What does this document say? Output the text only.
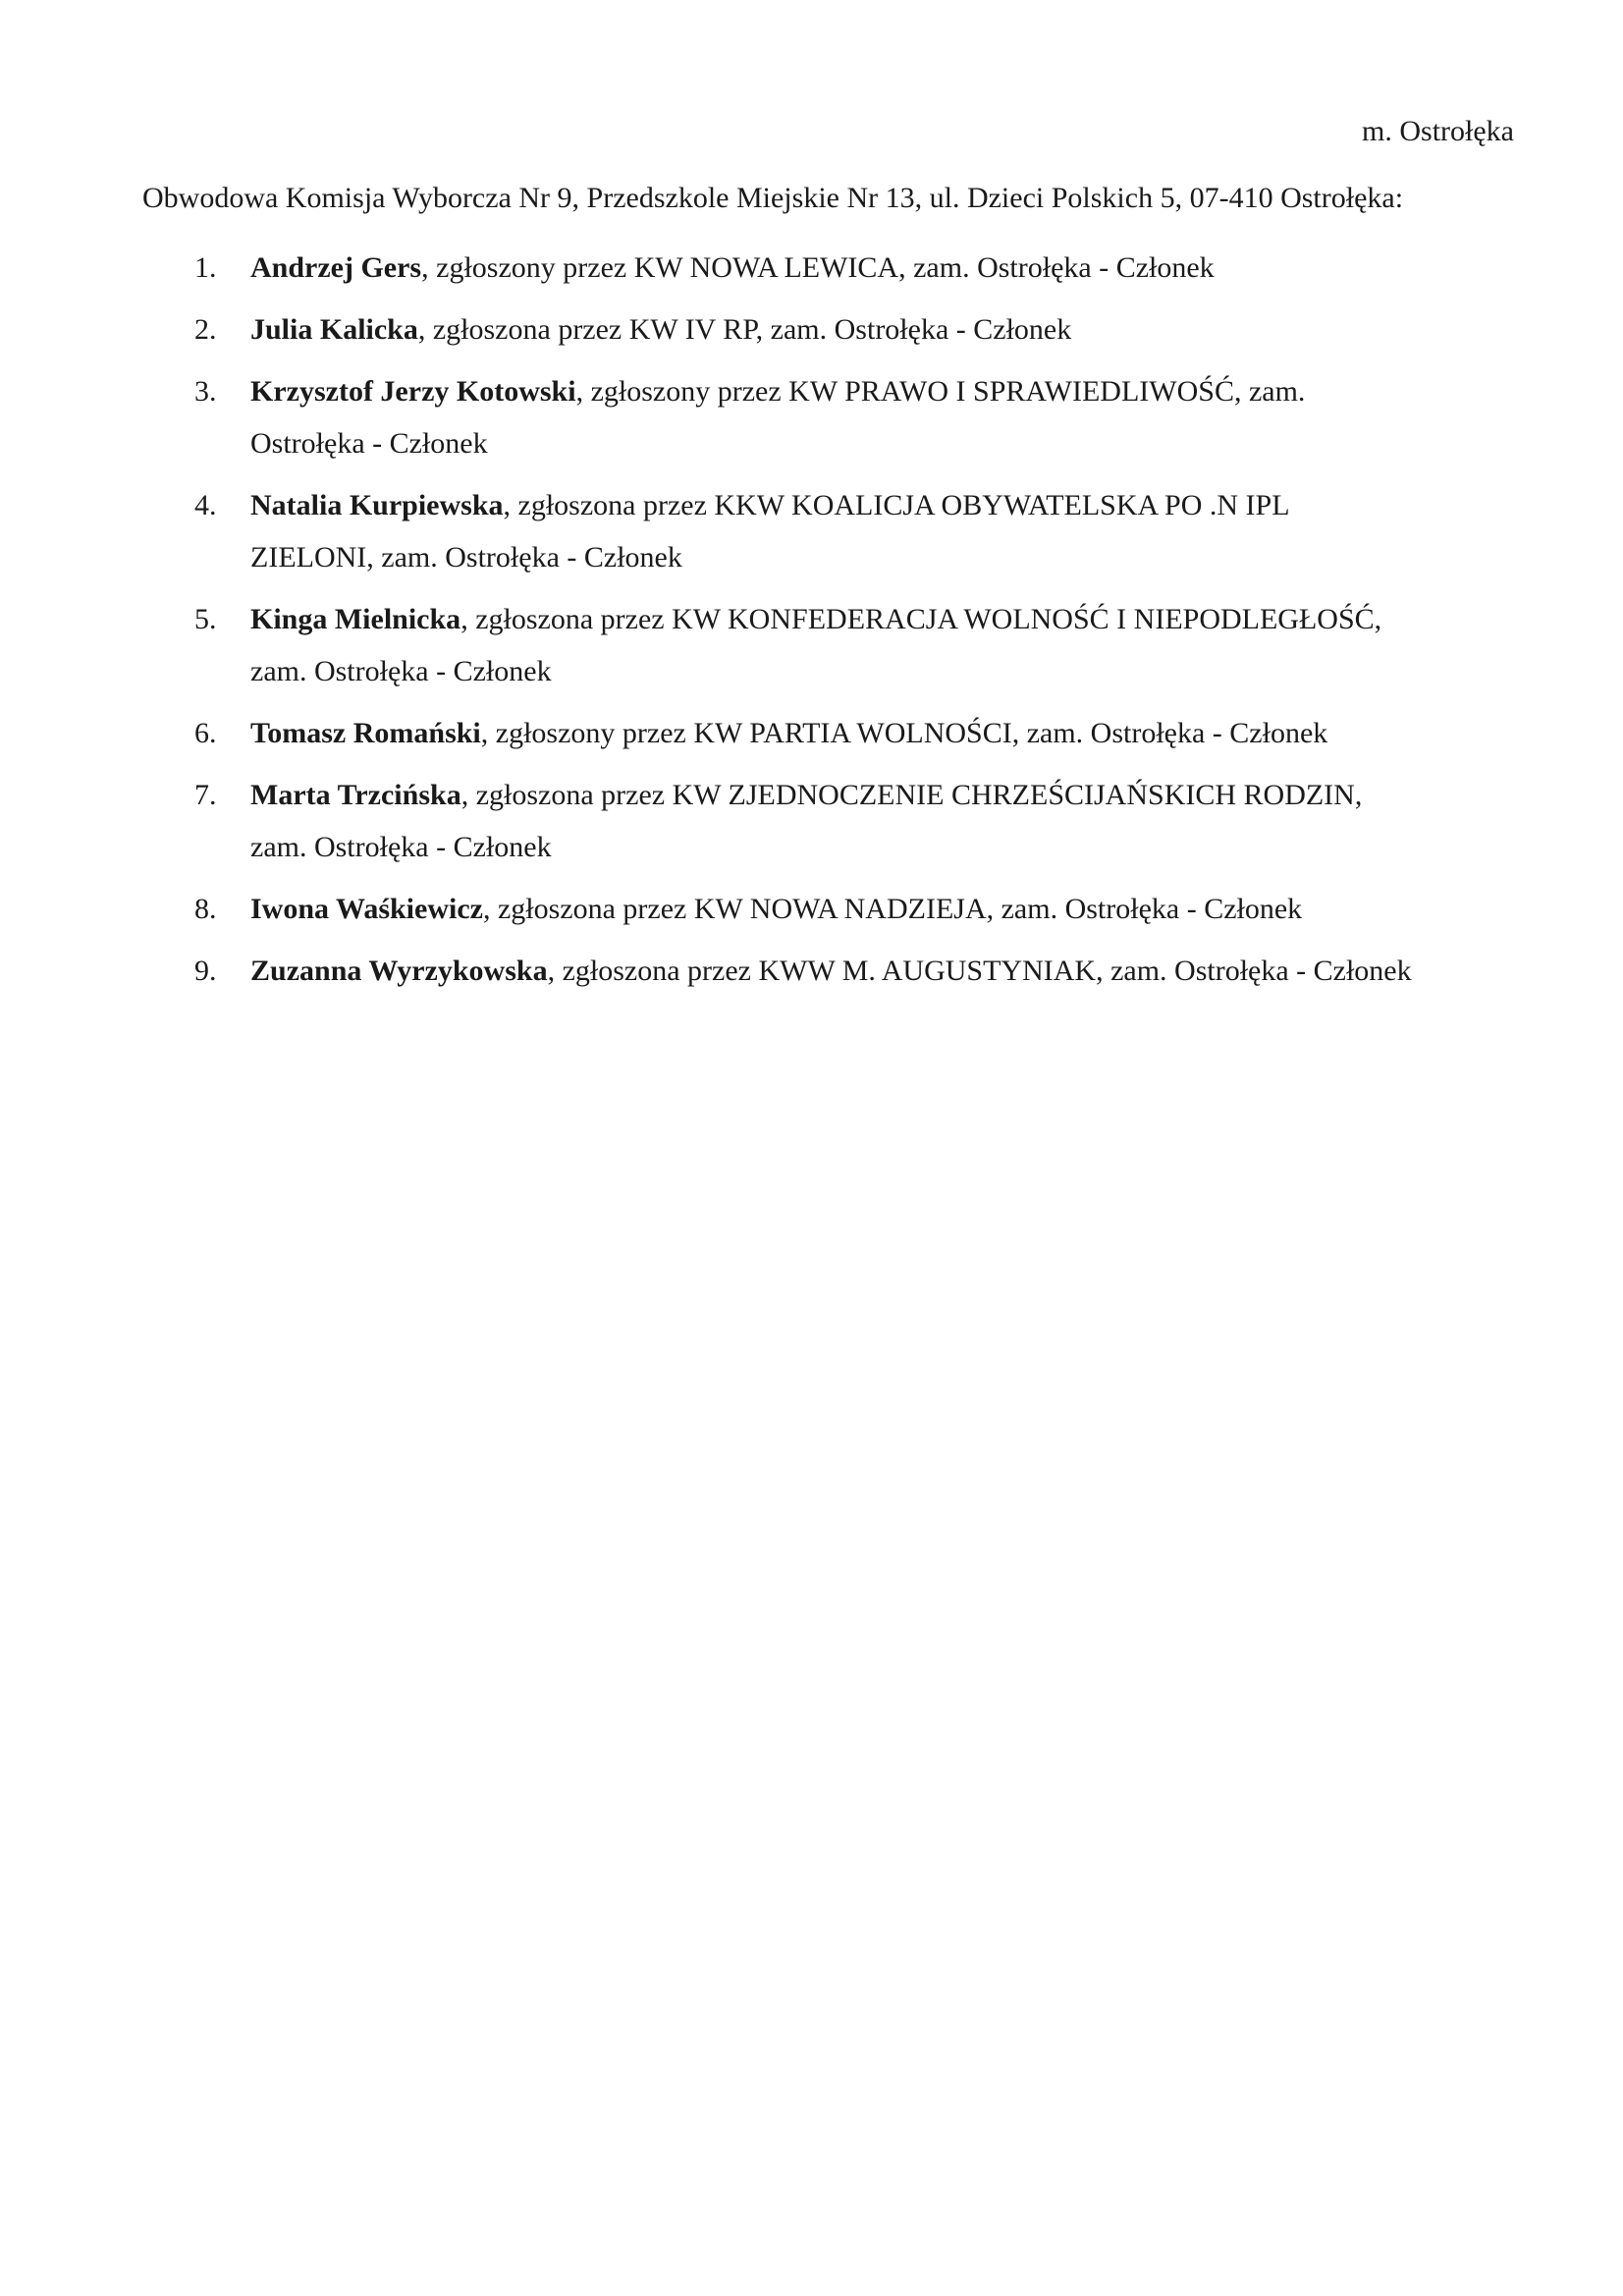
m. Ostrołęka
Obwodowa Komisja Wyborcza Nr 9, Przedszkole Miejskie Nr 13, ul. Dzieci Polskich 5, 07-410 Ostrołęka:
1. Andrzej Gers, zgłoszony przez KW NOWA LEWICA, zam. Ostrołęka - Członek
2. Julia Kalicka, zgłoszona przez KW IV RP, zam. Ostrołęka - Członek
3. Krzysztof Jerzy Kotowski, zgłoszony przez KW PRAWO I SPRAWIEDLIWOŚĆ, zam. Ostrołęka - Członek
4. Natalia Kurpiewska, zgłoszona przez KKW KOALICJA OBYWATELSKA PO .N IPL ZIELONI, zam. Ostrołęka - Członek
5. Kinga Mielnicka, zgłoszona przez KW KONFEDERACJA WOLNOŚĆ I NIEPODLEGŁOŚĆ, zam. Ostrołęka - Członek
6. Tomasz Romański, zgłoszony przez KW PARTIA WOLNOŚCI, zam. Ostrołęka - Członek
7. Marta Trzcińska, zgłoszona przez KW ZJEDNOCZENIE CHRZEŚCIJAŃSKICH RODZIN, zam. Ostrołęka - Członek
8. Iwona Waśkiewicz, zgłoszona przez KW NOWA NADZIEJA, zam. Ostrołęka - Członek
9. Zuzanna Wyrzykowska, zgłoszona przez KWW M. AUGUSTYNIAK, zam. Ostrołęka - Członek
